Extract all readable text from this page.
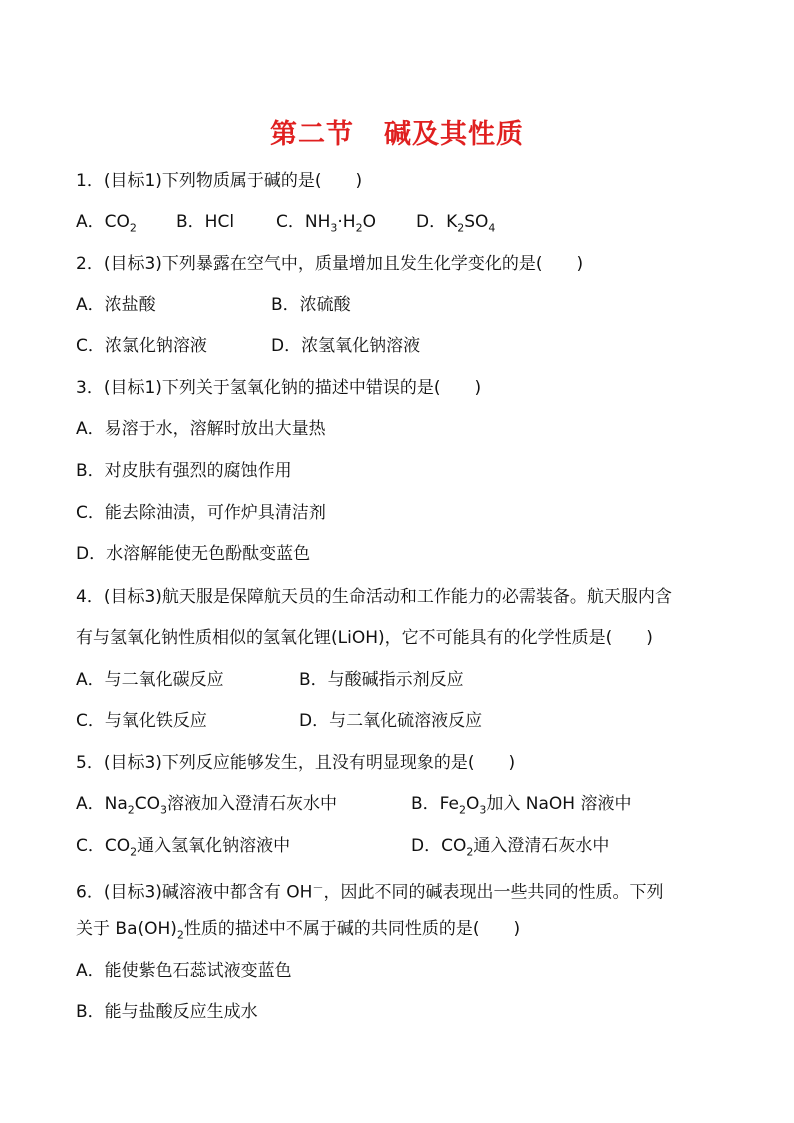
第二节 碱及其性质
1．(目标1)下列物质属于碱的是(　　)
A．$CO_2$ B．HCl C．$NH_3\cdot H_2O$ D．$K_2SO_4$
2．(目标3)下列暴露在空气中，质量增加且发生化学变化的是(　　)
A．浓盐酸	B．浓硫酸
C．浓氯化钠溶液	D．浓氢氧化钠溶液
3．(目标1)下列关于氢氧化钠的描述中错误的是(　　)
A．易溶于水，溶解时放出大量热
B．对皮肤有强烈的腐蚀作用
C．能去除油渍，可作炉具清洁剂
D．水溶解能使无色酚酞变蓝色
4．(目标3)航天服是保障航天员的生命活动和工作能力的必需装备。航天服内含
有与氢氧化钠性质相似的氢氧化锂(LiOH)，它不可能具有的化学性质是(　　)
A．与二氧化碳反应	B．与酸碱指示剂反应
C．与氧化铁反应	D．与二氧化硫溶液反应
5．(目标3)下列反应能够发生，且没有明显现象的是(　　)
A．$Na_2CO_3$溶液加入澄清石灰水中	B．$Fe_2O_3$加入 NaOH 溶液中
C．$CO_2$通入氢氧化钠溶液中	D．$CO_2$通入澄清石灰水中
6．(目标3)碱溶液中都含有 OH－，因此不同的碱表现出一些共同的性质。下列
关于 $Ba(OH)_2$性质的描述中不属于碱的共同性质的是(　　)
A．能使紫色石蕊试液变蓝色
B．能与盐酸反应生成水
